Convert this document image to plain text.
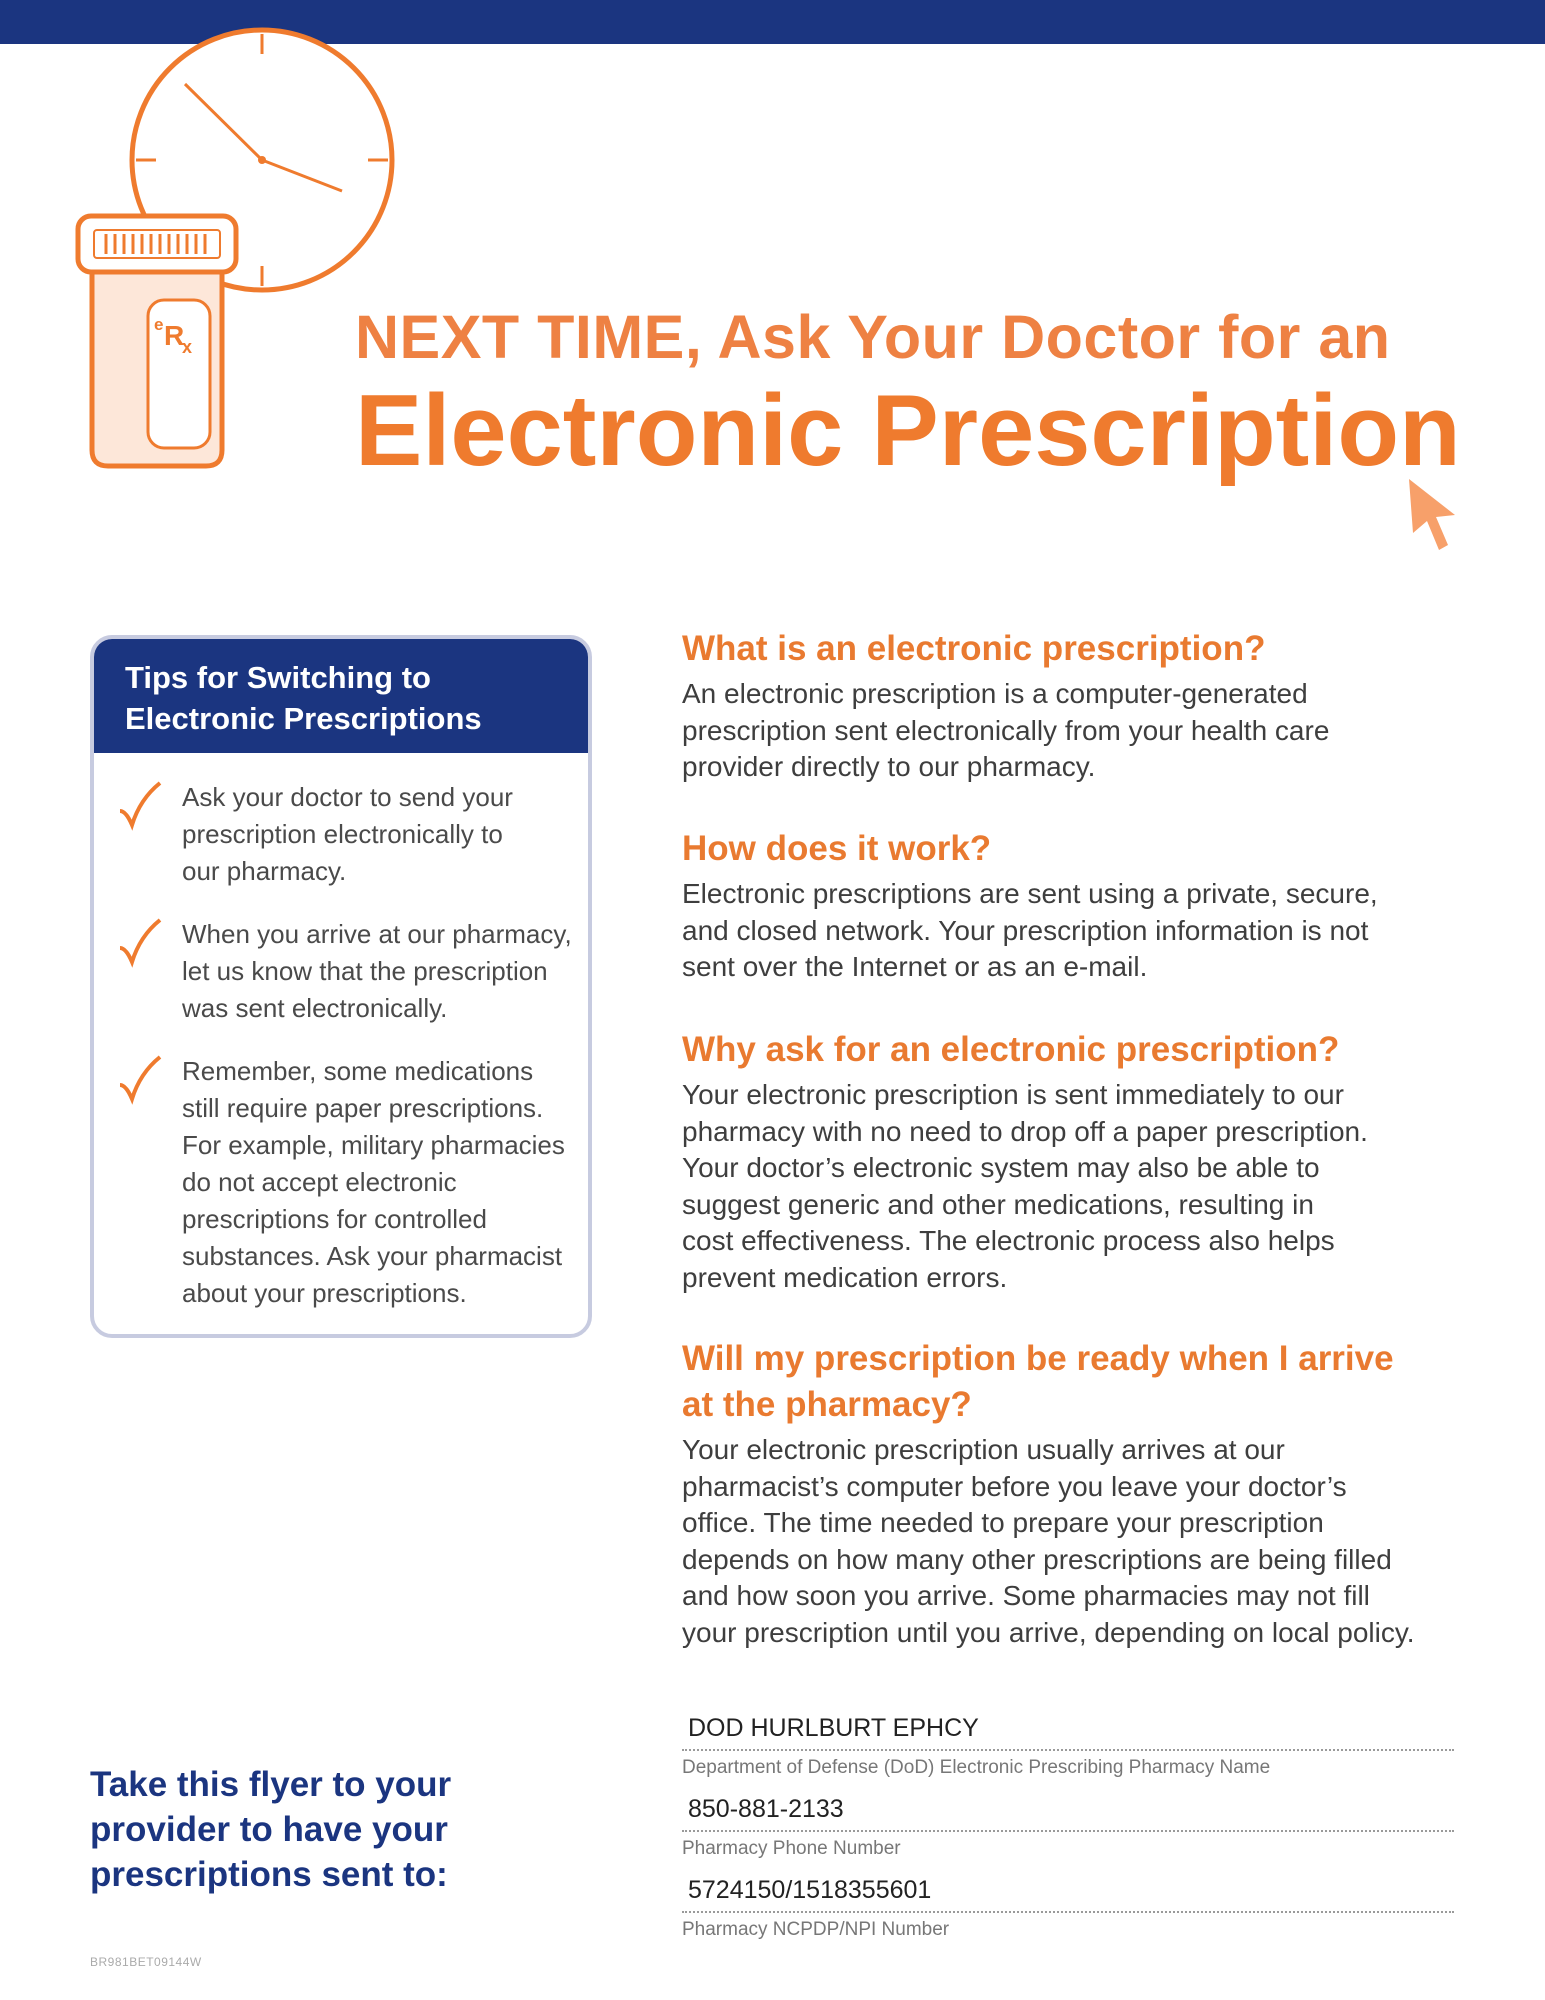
e R
x	NEXT TIME, Ask Your Doctor for an
Electronic Prescription
Tips for Switching to
Electronic Prescriptions
Ask your doctor to send your
prescription electronically to
our pharmacy.
When you arrive at our pharmacy,
let us know that the prescription
was sent electronically.
Remember, some medications
still require paper prescriptions.
For example, military pharmacies
do not accept electronic
prescriptions for controlled
substances. Ask your pharmacist
about your prescriptions.
What is an electronic prescription?

An electronic prescription is a computer-generated
prescription sent electronically from your health care
provider directly to our pharmacy.

How does it work?

Electronic prescriptions are sent using a private, secure,
and closed network. Your prescription information is not
sent over the Internet or as an e-mail.

Why ask for an electronic prescription?

Your electronic prescription is sent immediately to our
pharmacy with no need to drop off a paper prescription.
Your doctor’s electronic system may also be able to
suggest generic and other medications, resulting in
cost effectiveness. The electronic process also helps
prevent medication errors.

Will my prescription be ready when I arrive
at the pharmacy?

Your electronic prescription usually arrives at our
pharmacist’s computer before you leave your doctor’s
office. The time needed to prepare your prescription
depends on how many other prescriptions are being filled
and how soon you arrive. Some pharmacies may not fill
your prescription until you arrive, depending on local policy.

Take this flyer to your
provider to have your
prescriptions sent to:
DOD HURLBURT EPHCY
Department of Defense (DoD) Electronic Prescribing Pharmacy Name
850-881-2133
Pharmacy Phone Number
5724150/1518355601
Pharmacy NCPDP/NPI Number
BR981BET09144W
